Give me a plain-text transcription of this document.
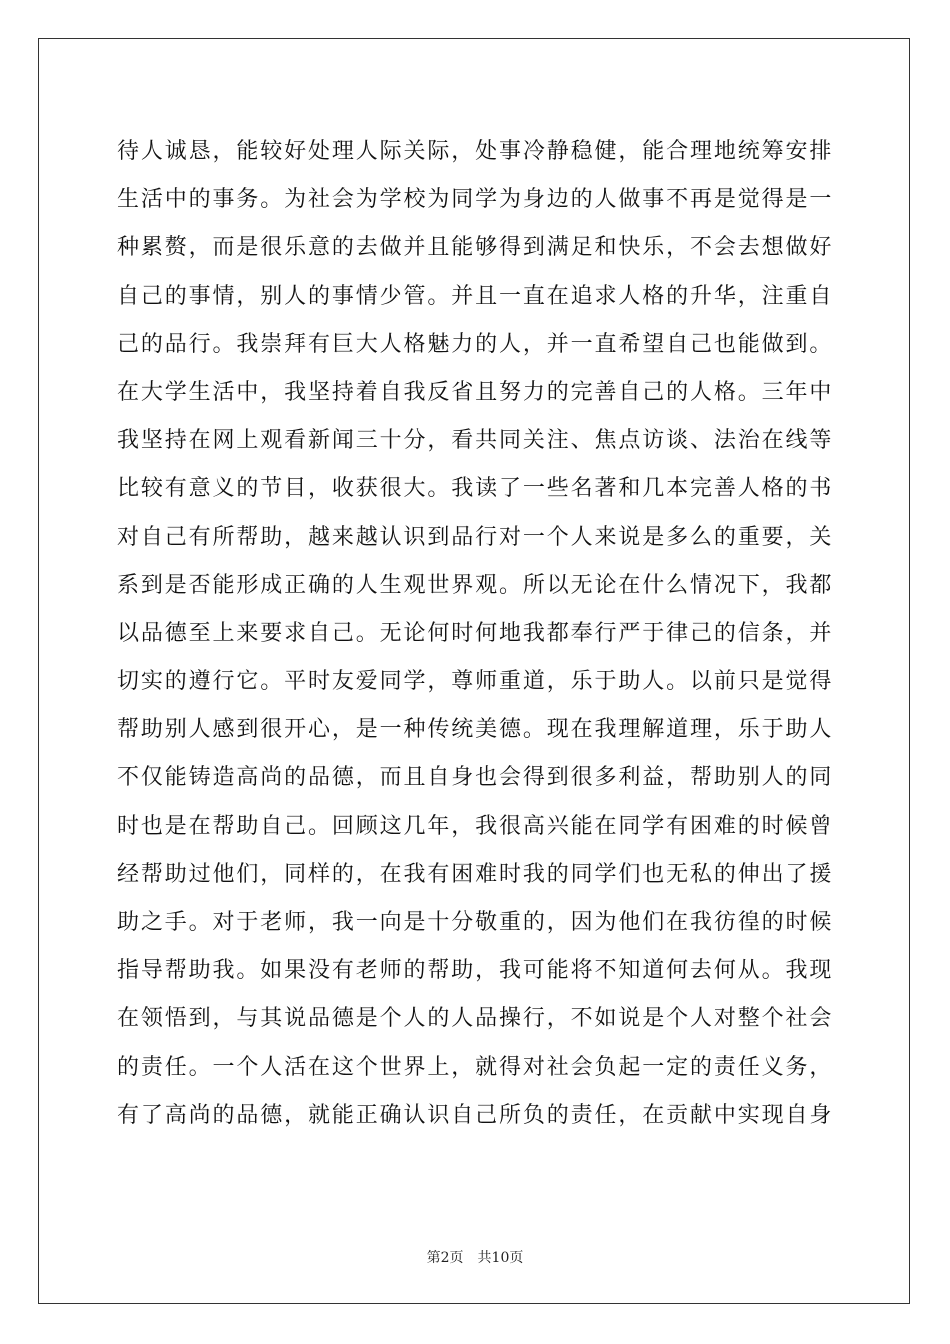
待人诚恳，能较好处理人际关际，处事冷静稳健，能合理地统筹安排
生活中的事务。为社会为学校为同学为身边的人做事不再是觉得是一
种累赘，而是很乐意的去做并且能够得到满足和快乐，不会去想做好
自己的事情，别人的事情少管。并且一直在追求人格的升华，注重自
己的品行。我崇拜有巨大人格魅力的人，并一直希望自己也能做到。
在大学生活中，我坚持着自我反省且努力的完善自己的人格。三年中
我坚持在网上观看新闻三十分，看共同关注、焦点访谈、法治在线等
比较有意义的节目，收获很大。我读了一些名著和几本完善人格的书
对自己有所帮助，越来越认识到品行对一个人来说是多么的重要，关
系到是否能形成正确的人生观世界观。所以无论在什么情况下，我都
以品德至上来要求自己。无论何时何地我都奉行严于律己的信条，并
切实的遵行它。平时友爱同学，尊师重道，乐于助人。以前只是觉得
帮助别人感到很开心，是一种传统美德。现在我理解道理，乐于助人
不仅能铸造高尚的品德，而且自身也会得到很多利益，帮助别人的同
时也是在帮助自己。回顾这几年，我很高兴能在同学有困难的时候曾
经帮助过他们，同样的，在我有困难时我的同学们也无私的伸出了援
助之手。对于老师，我一向是十分敬重的，因为他们在我彷徨的时候
指导帮助我。如果没有老师的帮助，我可能将不知道何去何从。我现
在领悟到，与其说品德是个人的人品操行，不如说是个人对整个社会
的责任。一个人活在这个世界上，就得对社会负起一定的责任义务，
有了高尚的品德，就能正确认识自己所负的责任，在贡献中实现自身
第2页 共10页
